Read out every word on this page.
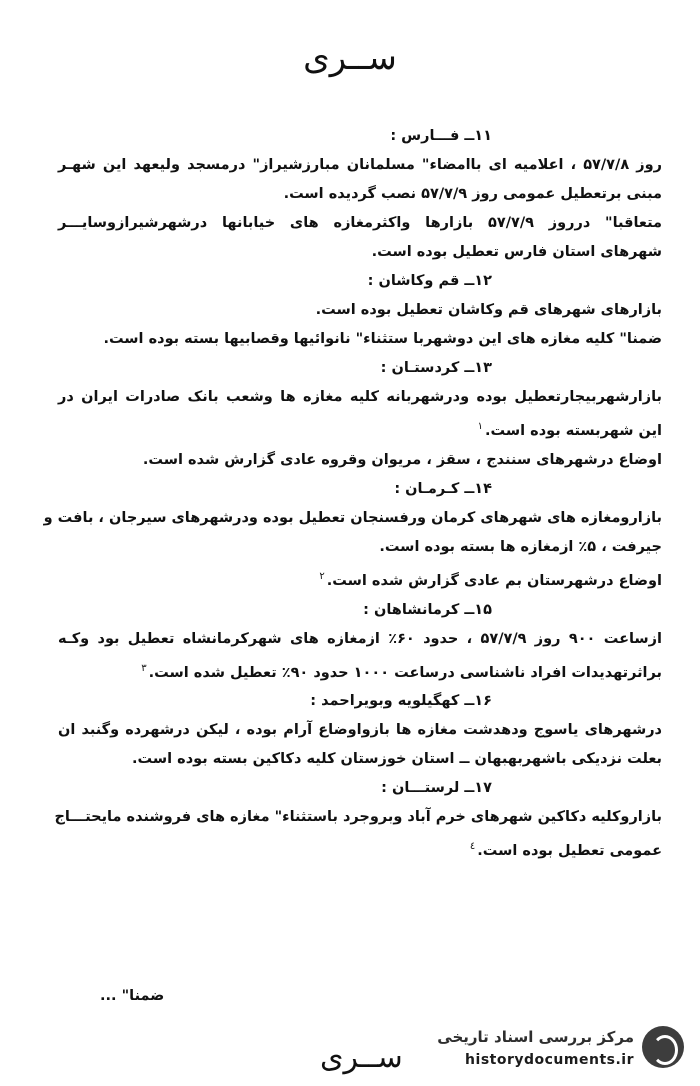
ســرى
۱۱ــ فـــارس :
روز ۵۷/۷/۸ ، اعلامیه ای باامضاء" مسلمانان مبارزشیراز" درمسجد ولیعهد این شهـر
مبنی برتعطیل عمومی روز ۵۷/۷/۹ نصب گردیده است.
متعاقبا" درروز ۵۷/۷/۹ بازارها واکثرمغازه های خیابانها درشهرشیرازوسایـــر
شهرهای استان فارس تعطیل بوده است.
۱۲ــ قم وکاشان :
بازارهای شهرهای قم وکاشان تعطیل بوده است.
ضمنا" کلیه مغازه های این دوشهربا ستثناء" نانوائیها وقصابیها بسته بوده است.
۱۳ــ کردستـان :
بازارشهربیجارتعطیل بوده ودرشهربانه کلیه مغازه ها وشعب بانک صادرات ایران در
این شهربسته بوده است.$^۱$
اوضاع درشهرهای سنندج ، سقز ، مریوان وقروه عادی گزارش شده است.
۱۴ــ کـرمـان :
بازارومغازه های شهرهای کرمان ورفسنجان تعطیل بوده ودرشهرهای سیرجان ، بافت و
جیرفت ، ۵٪ ازمغازه ها بسته بوده است.
اوضاع درشهرستان بم عادی گزارش شده است.$^۲$
۱۵ــ کرمانشاهان :
ازساعت ۹۰۰ روز ۵۷/۷/۹ ، حدود ۶۰٪ ازمغازه های شهرکرمانشاه تعطیل بود وکـه
براثرتهدیدات افراد ناشناسی درساعت ۱۰۰۰ حدود ۹۰٪ تعطیل شده است.$^۳$
۱۶ــ کهگیلویه وبویراحمد :
درشهرهای یاسوج ودهدشت مغازه ها بازواوضاع آرام بوده ، لیکن درشهرده وگنبد ان
بعلت نزدیکی باشهربهبهان ــ استان خوزستان کلیه دکاکین بسته بوده است.
۱۷ــ لرستـــان :
بازاروکلیه دکاکین شهرهای خرم آباد وبروجرد باستثناء" مغازه های فروشنده مایحتـــاج
عمومی تعطیل بوده است.$^٤$
ضمنا" ...
ســرى
مرکز بررسی اسناد تاریخی
historydocuments.ir
